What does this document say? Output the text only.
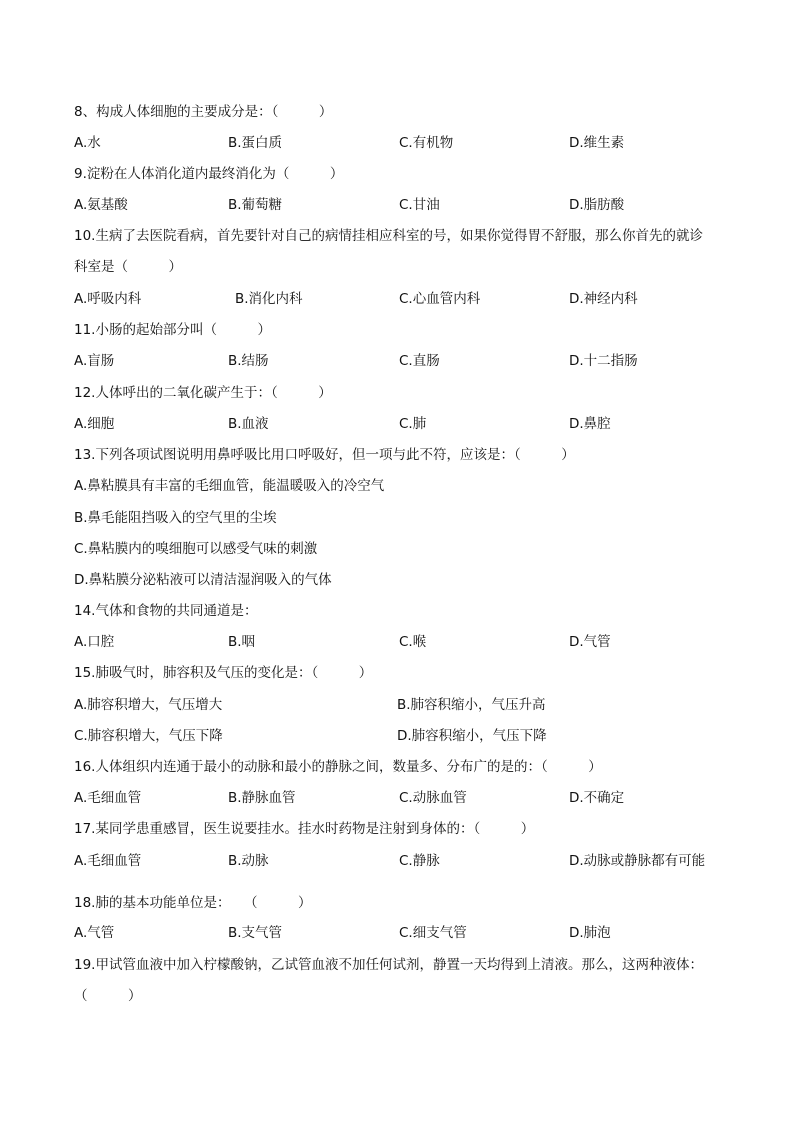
8、构成人体细胞的主要成分是：（　　　）

A.水	B.蛋白质	C.有机物	D.维生素

9.淀粉在人体消化道内最终消化为（　　　）

A.氨基酸	B.葡萄糖	C.甘油	D.脂肪酸

10.生病了去医院看病，首先要针对自己的病情挂相应科室的号，如果你觉得胃不舒服，那么你首先的就诊

科室是（　　　）

A.呼吸内科	B.消化内科	C.心血管内科	D.神经内科

11.小肠的起始部分叫（　　　）

A.盲肠	B.结肠	C.直肠	D.十二指肠

12.人体呼出的二氧化碳产生于：（　　　）

A.细胞	B.血液	C.肺	D.鼻腔

13.下列各项试图说明用鼻呼吸比用口呼吸好，但一项与此不符，应该是：（　　　）

A.鼻粘膜具有丰富的毛细血管，能温暖吸入的冷空气

B.鼻毛能阻挡吸入的空气里的尘埃

C.鼻粘膜内的嗅细胞可以感受气味的刺激

D.鼻粘膜分泌粘液可以清洁湿润吸入的气体

14.气体和食物的共同通道是：

A.口腔	B.咽	C.喉	D.气管

15.肺吸气时，肺容积及气压的变化是：（　　　）

A.肺容积增大，气压增大	B.肺容积缩小，气压升高
C.肺容积增大，气压下降	D.肺容积缩小，气压下降

16.人体组织内连通于最小的动脉和最小的静脉之间，数量多、分布广的是的：（　　　）

A.毛细血管	B.静脉血管	C.动脉血管	D.不确定

17.某同学患重感冒，医生说要挂水。挂水时药物是注射到身体的：（　　　）

A.毛细血管	B.动脉	C.静脉	D.动脉或静脉都有可能

18.肺的基本功能单位是：　　（　　　）

A.气管	B.支气管	C.细支气管	D.肺泡

19.甲试管血液中加入柠檬酸钠，乙试管血液不加任何试剂，静置一天均得到上清液。那么，这两种液体：

（　　　）
